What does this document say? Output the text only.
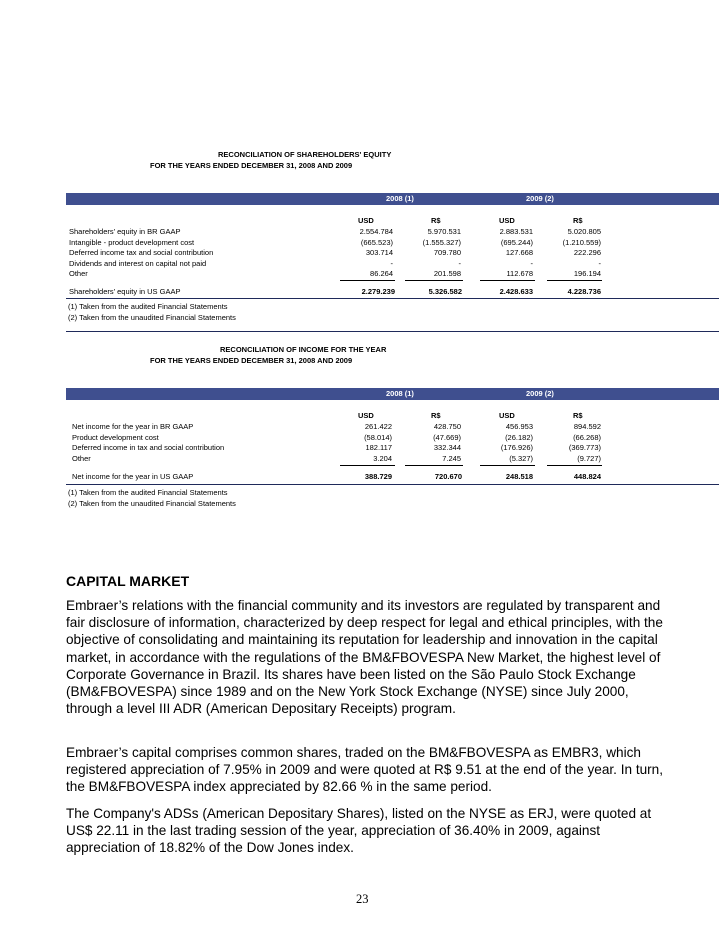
RECONCILIATION OF SHAREHOLDERS' EQUITY
FOR THE YEARS ENDED DECEMBER 31, 2008 AND 2009
2008 (1)	2009 (2)
USD	R$	USD	R$
Shareholders' equity in BR GAAP	2.554.784	5.970.531	2.883.531	5.020.805
Intangible - product development cost	(665.523)	(1.555.327)	(695.244)	(1.210.559)
Deferred income tax and social contribution	303.714	709.780	127.668	222.296
Dividends and interest on capital not paid	-	-	-	-
Other	86.264	201.598	112.678	196.194
Shareholders' equity in US GAAP	2.279.239	5.326.582	2.428.633	4.228.736
(1) Taken from the audited Financial Statements
(2) Taken from the unaudited Financial Statements
RECONCILIATION OF INCOME FOR THE YEAR
FOR THE YEARS ENDED DECEMBER 31, 2008 AND 2009
2008 (1)	2009 (2)
USD	R$	USD	R$
Net income for the year in BR GAAP	261.422	428.750	456.953	894.592
Product development cost	(58.014)	(47.669)	(26.182)	(66.268)
Deferred income in tax and social contribution	182.117	332.344	(176.926)	(369.773)
Other	3.204	7.245	(5.327)	(9.727)
Net income for the year in US GAAP	388.729	720.670	248.518	448.824
(1) Taken from the audited Financial Statements
(2) Taken from the unaudited Financial Statements
CAPITAL MARKET
Embraer’s relations with the financial community and its investors are regulated by transparent and fair disclosure of information, characterized by deep respect for legal and ethical principles, with the objective of consolidating and maintaining its reputation for leadership and innovation in the capital market, in accordance with the regulations of the BM&FBOVESPA New Market, the highest level of Corporate Governance in Brazil. Its shares have been listed on the São Paulo Stock Exchange (BM&FBOVESPA) since 1989 and on the New York Stock Exchange (NYSE) since July 2000, through a level III ADR (American Depositary Receipts) program.
Embraer’s capital comprises common shares, traded on the BM&FBOVESPA as EMBR3, which registered appreciation of 7.95% in 2009 and were quoted at R$ 9.51 at the end of the year. In turn, the BM&FBOVESPA index appreciated by 82.66 % in the same period.
The Company's ADSs (American Depositary Shares), listed on the NYSE as ERJ, were quoted at US$ 22.11 in the last trading session of the year, appreciation of 36.40% in 2009, against appreciation of 18.82% of the Dow Jones index.
23
